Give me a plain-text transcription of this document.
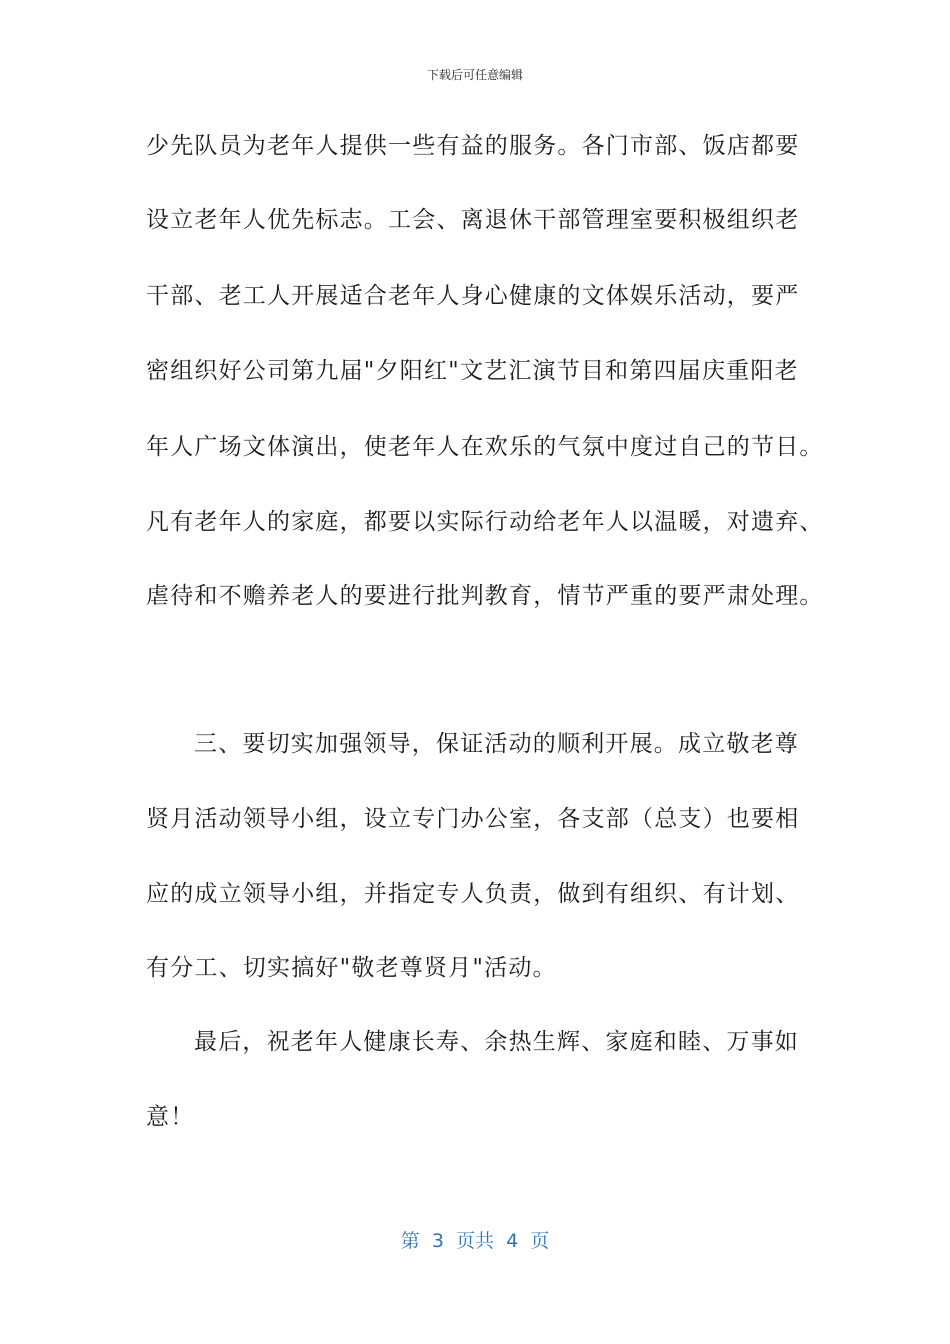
下载后可任意编辑
少先队员为老年人提供一些有益的服务。各门市部、饭店都要
设立老年人优先标志。工会、离退休干部管理室要积极组织老
干部、老工人开展适合老年人身心健康的文体娱乐活动，要严
密组织好公司第九届"夕阳红"文艺汇演节目和第四届庆重阳老
年人广场文体演出，使老年人在欢乐的气氛中度过自己的节日。
凡有老年人的家庭，都要以实际行动给老年人以温暖，对遗弃、
虐待和不赡养老人的要进行批判教育，情节严重的要严肃处理。
三、要切实加强领导，保证活动的顺利开展。成立敬老尊
贤月活动领导小组，设立专门办公室，各支部（总支）也要相
应的成立领导小组，并指定专人负责，做到有组织、有计划、
有分工、切实搞好"敬老尊贤月"活动。
最后，祝老年人健康长寿、余热生辉、家庭和睦、万事如
意！
第  3  页共  4  页
